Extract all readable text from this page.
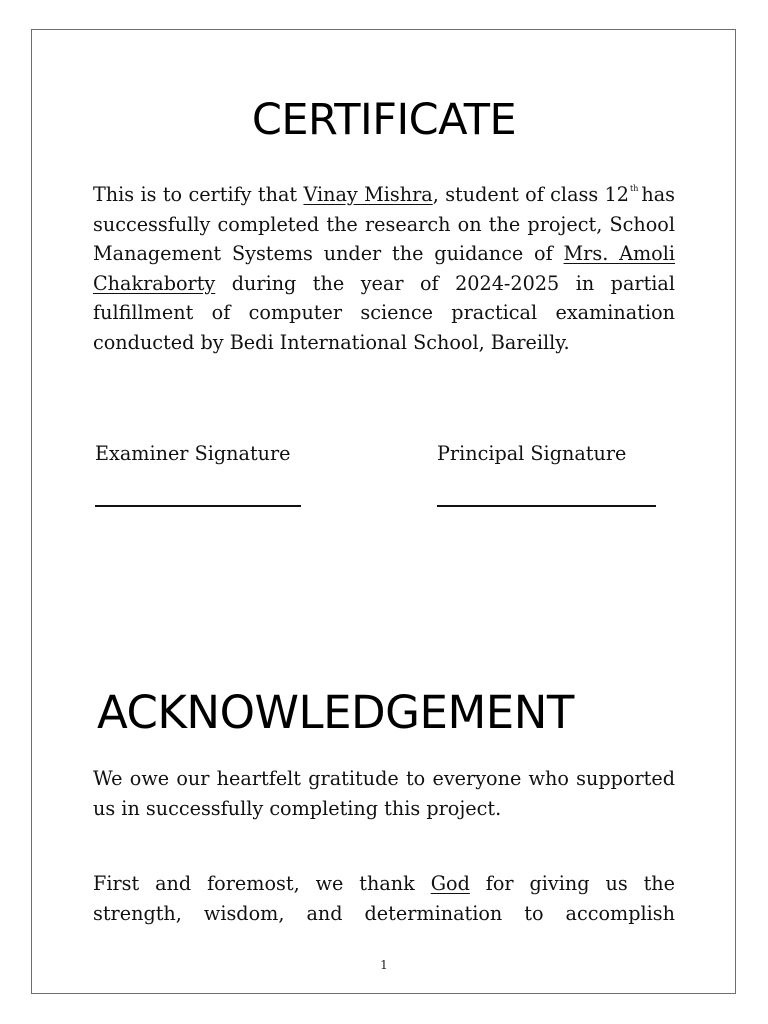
CERTIFICATE

This is to certify that Vinay Mishra, student of class 12th has successfully completed the research on the project, School Management Systems under the guidance of Mrs. Amoli Chakraborty during the year of 2024-2025 in partial fulfillment of computer science practical examination conducted by Bedi International School, Bareilly.

Examiner Signature	Principal Signature
ACKNOWLEDGEMENT

We owe our heartfelt gratitude to everyone who supported us in successfully completing this project.

First and foremost, we thank God for giving us the strength, wisdom, and determination to accomplish

1
